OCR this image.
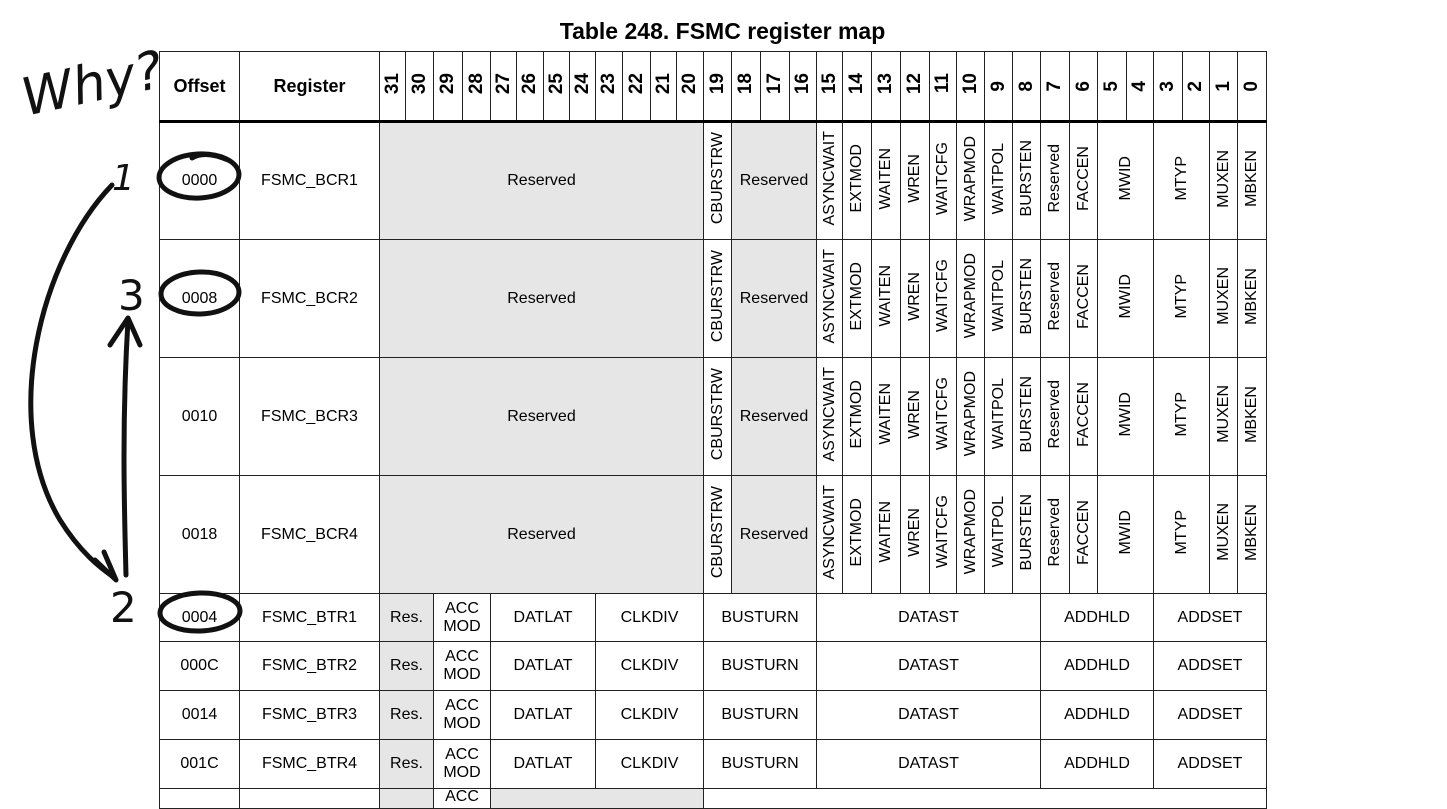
Table 248. FSMC register map
Offset	Register	31	30	29	28	27	26	25	24	23	22	21	20	19	18	17	16	15	14	13	12	11	10	9	8	7	6	5	4	3	2	1	0
0000	FSMC_BCR1	Reserved												CBURSTRW	Reserved			ASYNCWAIT	EXTMOD	WAITEN	WREN	WAITCFG	WRAPMOD	WAITPOL	BURSTEN	Reserved	FACCEN	MWID		MTYP		MUXEN	MBKEN
0008	FSMC_BCR2	Reserved												CBURSTRW	Reserved			ASYNCWAIT	EXTMOD	WAITEN	WREN	WAITCFG	WRAPMOD	WAITPOL	BURSTEN	Reserved	FACCEN	MWID		MTYP		MUXEN	MBKEN
0010	FSMC_BCR3	Reserved												CBURSTRW	Reserved			ASYNCWAIT	EXTMOD	WAITEN	WREN	WAITCFG	WRAPMOD	WAITPOL	BURSTEN	Reserved	FACCEN	MWID		MTYP		MUXEN	MBKEN
0018	FSMC_BCR4	Reserved												CBURSTRW	Reserved			ASYNCWAIT	EXTMOD	WAITEN	WREN	WAITCFG	WRAPMOD	WAITPOL	BURSTEN	Reserved	FACCEN	MWID		MTYP		MUXEN	MBKEN
0004	FSMC_BTR1	Res.		ACC
MOD		DATLAT				CLKDIV				BUSTURN				DATAST								ADDHLD				ADDSET			
000C	FSMC_BTR2	Res.		ACC
MOD		DATLAT				CLKDIV				BUSTURN				DATAST								ADDHLD				ADDSET			
0014	FSMC_BTR3	Res.		ACC
MOD		DATLAT				CLKDIV				BUSTURN				DATAST								ADDHLD				ADDSET			
001C	FSMC_BTR4	Res.		ACC
MOD		DATLAT				CLKDIV				BUSTURN				DATAST								ADDHLD				ADDSET			
				ACC																													
Why?
1
3
2
